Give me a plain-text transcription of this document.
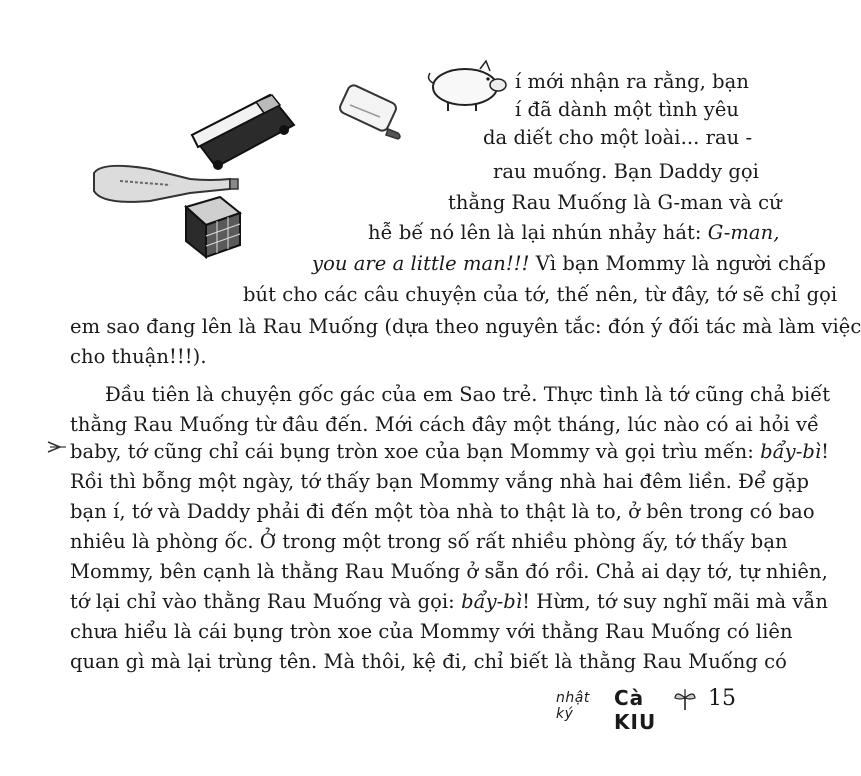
í mới nhận ra rằng, bạn
í đã dành một tình yêu
da diết cho một loài... rau -
rau muống. Bạn Daddy gọi
thằng Rau Muống là G-man và cứ
hễ bế nó lên là lại nhún nhảy hát: G-man,
you are a little man!!! Vì bạn Mommy là người chấp
bút cho các câu chuyện của tớ, thế nên, từ đây, tớ sẽ chỉ gọi
em sao đang lên là Rau Muống (dựa theo nguyên tắc: đón ý đối tác mà làm việc
cho thuận!!!).
Đầu tiên là chuyện gốc gác của em Sao trẻ. Thực tình là tớ cũng chả biết
thằng Rau Muống từ đâu đến. Mới cách đây một tháng, lúc nào có ai hỏi về
baby, tớ cũng chỉ cái bụng tròn xoe của bạn Mommy và gọi trìu mến: bẩy-bì!
Rồi thì bỗng một ngày, tớ thấy bạn Mommy vắng nhà hai đêm liền. Để gặp
bạn í, tớ và Daddy phải đi đến một tòa nhà to thật là to, ở bên trong có bao
nhiêu là phòng ốc. Ở trong một trong số rất nhiều phòng ấy, tớ thấy bạn
Mommy, bên cạnh là thằng Rau Muống ở sẵn đó rồi. Chả ai dạy tớ, tự nhiên,
tớ lại chỉ vào thằng Rau Muống và gọi: bẩy-bì! Hừm, tớ suy nghĩ mãi mà vẫn
chưa hiểu là cái bụng tròn xoe của Mommy với thằng Rau Muống có liên
quan gì mà lại trùng tên. Mà thôi, kệ đi, chỉ biết là thằng Rau Muống có
nhật ký
Cà KIU
15
